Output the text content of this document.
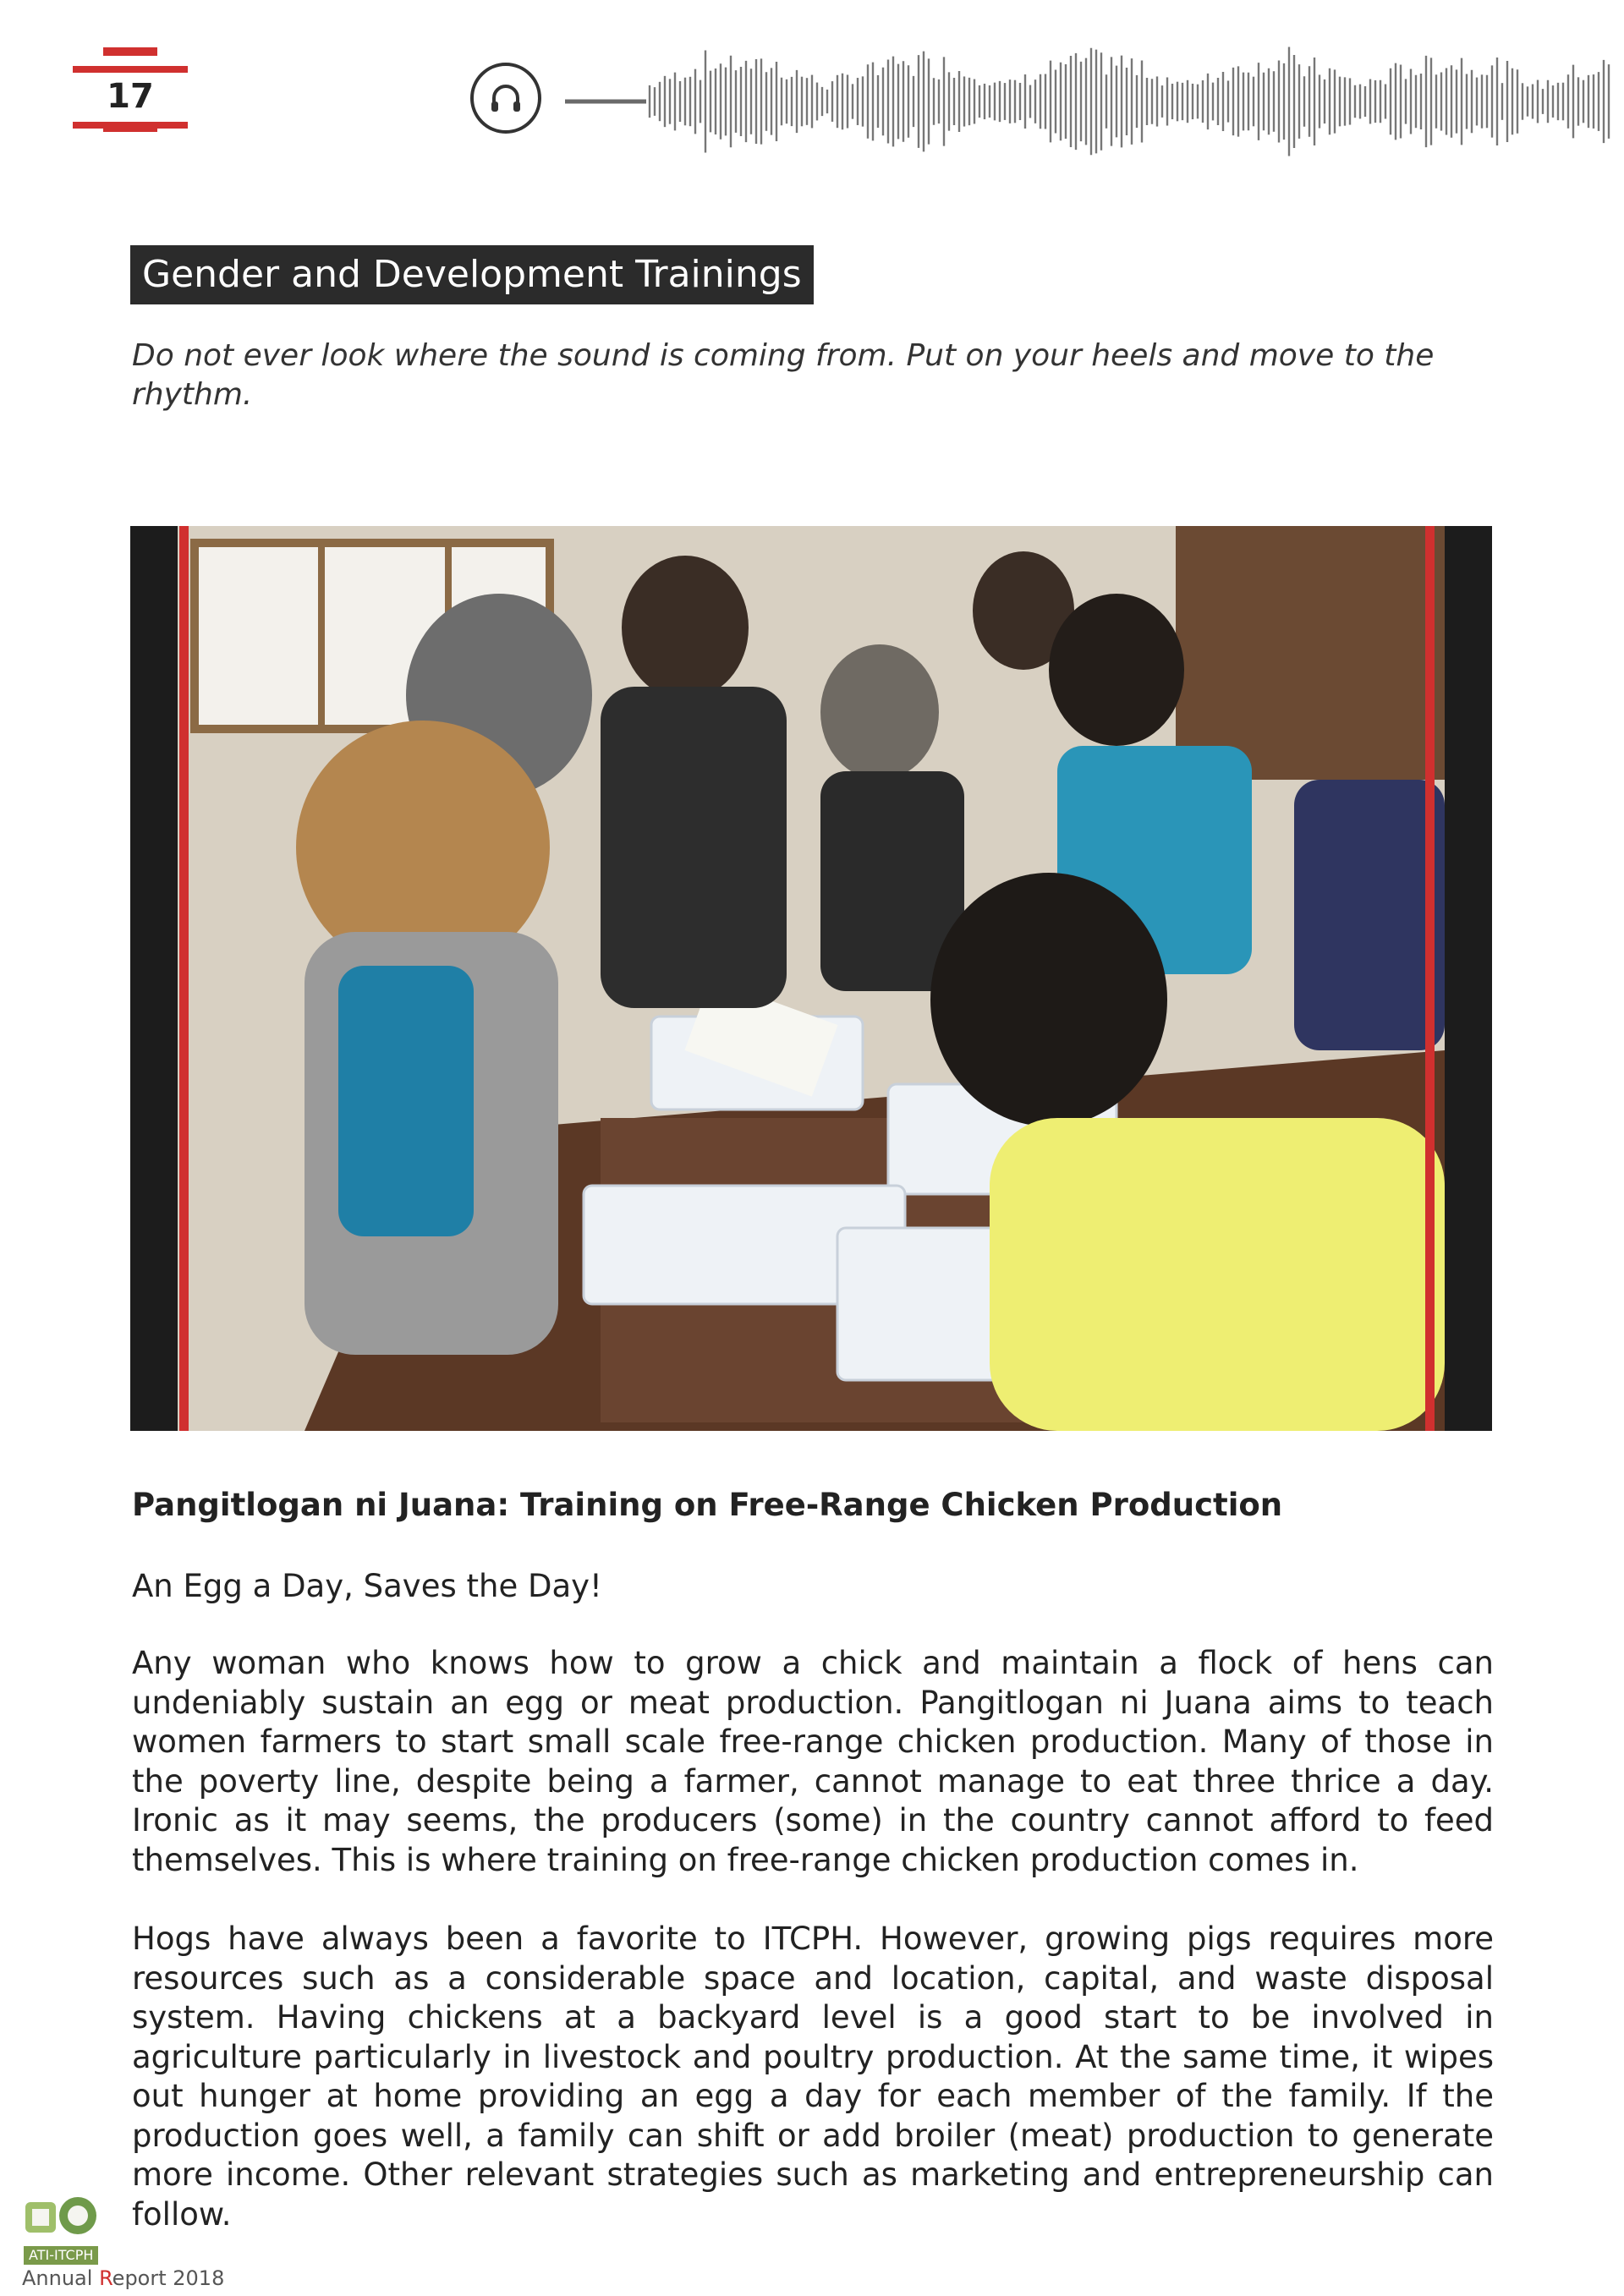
17
Gender and Development Trainings
Do not ever look where the sound is coming from. Put on your heels and move to the rhythm.
Pangitlogan ni Juana: Training on Free-Range Chicken Production
An Egg a Day, Saves the Day!
Any woman who knows how to grow a chick and maintain a flock of hens can undeniably sustain an egg or meat production. Pangitlogan ni Juana aims to teach women farmers to start small scale free-range chicken production. Many of those in the poverty line, despite being a farmer, cannot manage to eat three thrice a day. Ironic as it may seems, the producers (some) in the country cannot afford to feed themselves. This is where training on free-range chicken production comes in.
Hogs have always been a favorite to ITCPH. However, growing pigs requires more resources such as a considerable space and location, capital, and waste disposal system. Having chickens at a backyard level is a good start to be involved in agriculture particularly in livestock and poultry production. At the same time, it wipes out hunger at home providing an egg a day for each member of the family. If the production goes well, a family can shift or add broiler (meat) production to generate more income. Other relevant strategies such as marketing and entrepreneurship can follow.
ATI-ITCPH
Annual Report 2018
